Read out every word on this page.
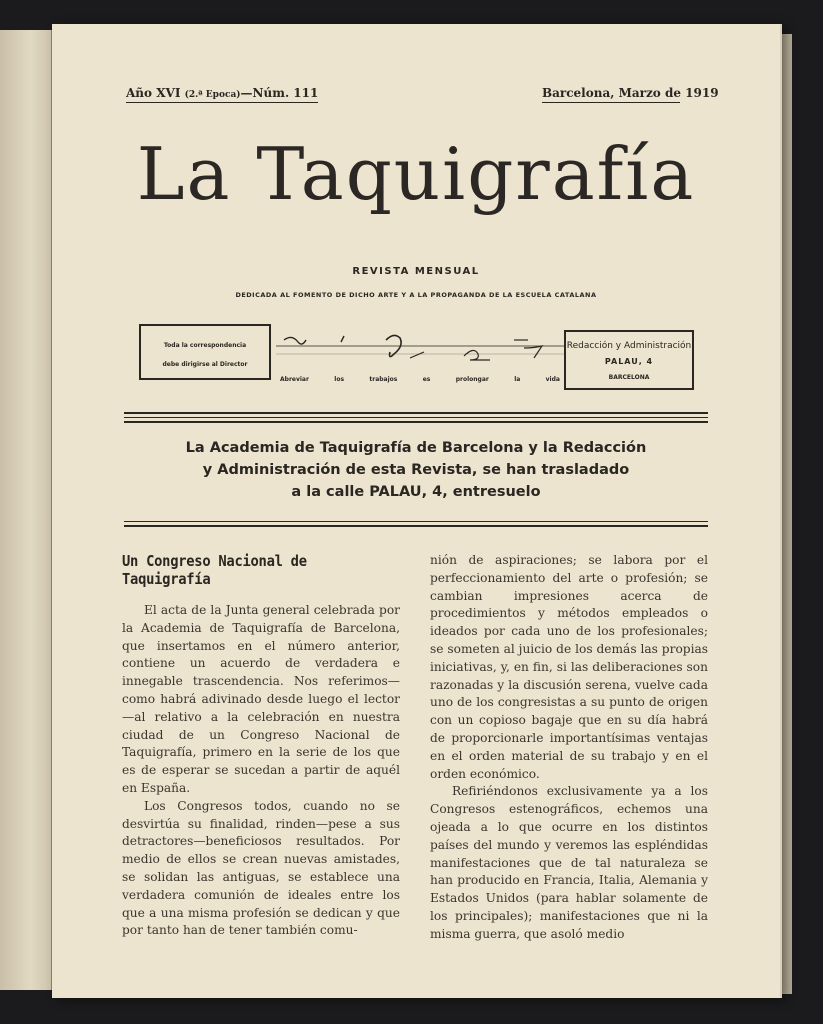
Año XVI (2.ª Epoca)—Núm. 111	Barcelona, Marzo de 1919
La Taquigrafía
REVISTA MENSUAL
DEDICADA AL FOMENTO DE DICHO ARTE Y A LA PROPAGANDA DE LA ESCUELA CATALANA
Toda la correspondencia
debe dirigirse al Director
Abreviar	los	trabajos	es	prolongar	la	vida
Redacción y Administración
PALAU, 4
BARCELONA
La Academia de Taquigrafía de Barcelona y la Redacción
y Administración de esta Revista, se han trasladado
a la calle PALAU, 4, entresuelo
Un Congreso Nacional de Taquigrafía

El acta de la Junta general celebrada por la Academia de Taquigrafía de Barcelona, que insertamos en el número anterior, contiene un acuerdo de verdadera e innegable trascendencia. Nos referimos—como habrá adivinado desde luego el lector—al relativo a la celebración en nuestra ciudad de un Congreso Nacional de Taquigrafía, primero en la serie de los que es de esperar se sucedan a partir de aquél en España.

Los Congresos todos, cuando no se desvirtúa su finalidad, rinden—pese a sus detractores—beneficiosos resultados. Por medio de ellos se crean nuevas amistades, se solidan las antiguas, se establece una verdadera comunión de ideales entre los que a una misma profesión se dedican y que por tanto han de tener también comu-

nión de aspiraciones; se labora por el perfeccionamiento del arte o profesión; se cambian impresiones acerca de procedimientos y métodos empleados o ideados por cada uno de los profesionales; se someten al juicio de los demás las propias iniciativas, y, en fin, si las deliberaciones son razonadas y la discusión serena, vuelve cada uno de los congresistas a su punto de origen con un copioso bagaje que en su día habrá de proporcionarle importantísimas ventajas en el orden material de su trabajo y en el orden económico.

Refiriéndonos exclusivamente ya a los Congresos estenográficos, echemos una ojeada a lo que ocurre en los distintos países del mundo y veremos las espléndidas manifestaciones que de tal naturaleza se han producido en Francia, Italia, Alemania y Estados Unidos (para hablar solamente de los principales); manifestaciones que ni la misma guerra, que asoló medio
